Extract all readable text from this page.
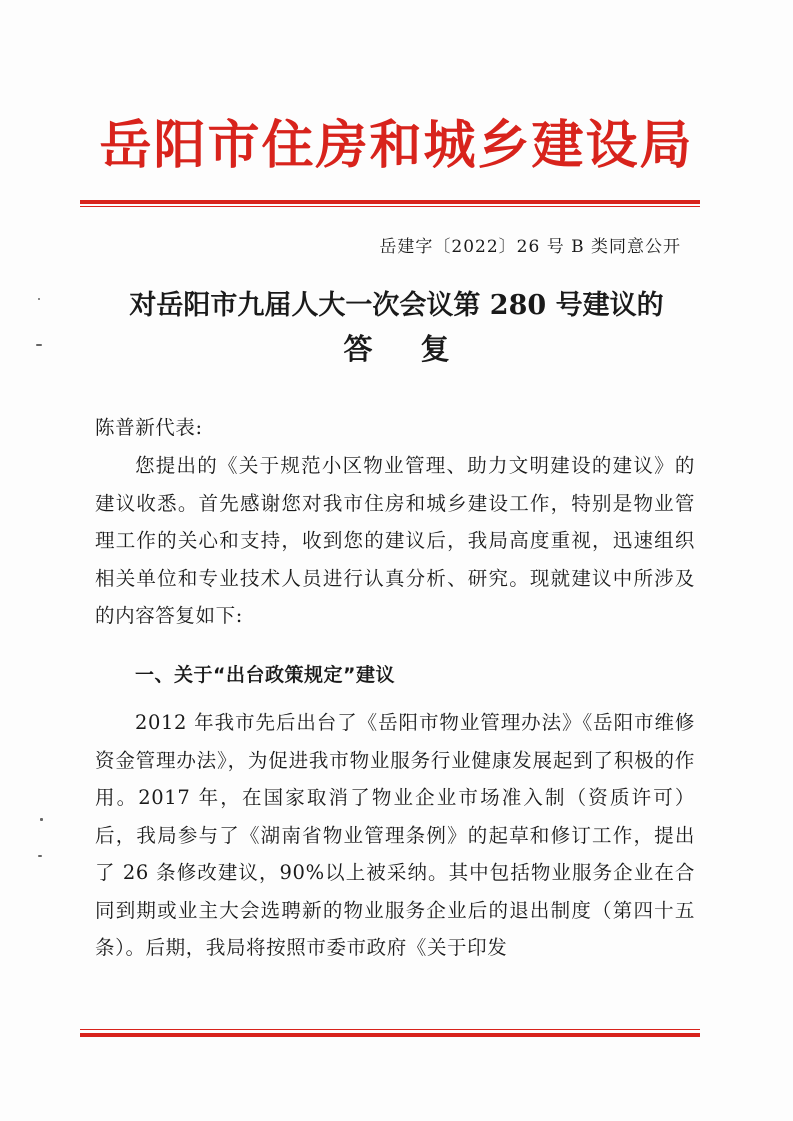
岳阳市住房和城乡建设局
岳建字〔2022〕26 号 B 类同意公开
对岳阳市九届人大一次会议第 280 号建议的
答复
陈普新代表:
您提出的《关于规范小区物业管理、助力文明建设的建议》的建议收悉。首先感谢您对我市住房和城乡建设工作，特别是物业管理工作的关心和支持，收到您的建议后，我局高度重视，迅速组织相关单位和专业技术人员进行认真分析、研究。现就建议中所涉及的内容答复如下:
一、关于“出台政策规定”建议
2012 年我市先后出台了《岳阳市物业管理办法》《岳阳市维修资金管理办法》，为促进我市物业服务行业健康发展起到了积极的作用。2017 年，在国家取消了物业企业市场准入制（资质许可）后，我局参与了《湖南省物业管理条例》的起草和修订工作，提出了 26 条修改建议，90%以上被采纳。其中包括物业服务企业在合同到期或业主大会选聘新的物业服务企业后的退出制度（第四十五条）。后期，我局将按照市委市政府《关于印发
